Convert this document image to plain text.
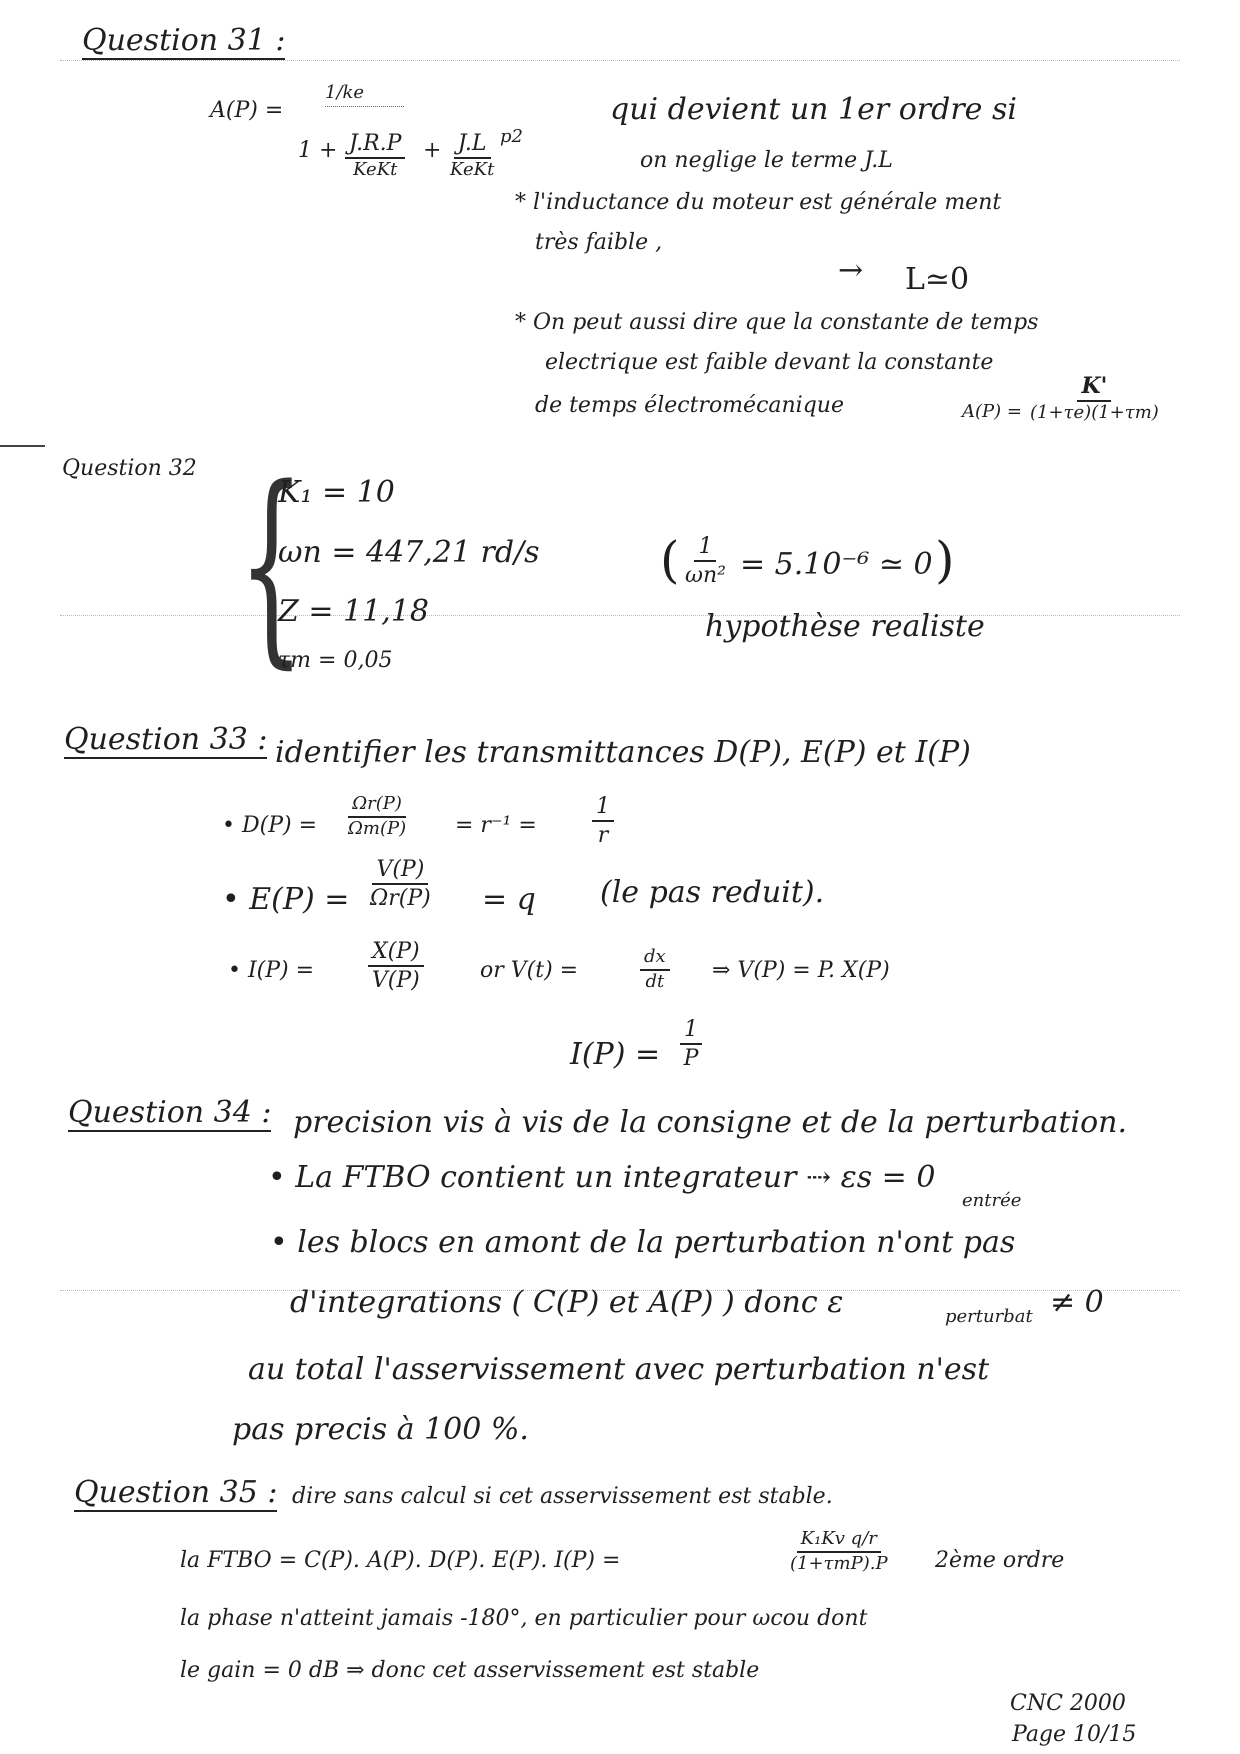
Question 31 :
A(P) =
1/ke
1 + J.R.P
KeKt
+ J.L
KeKt
p2
qui devient un 1er ordre si
on neglige le terme J.L
* l'inductance du moteur est générale ment
très faible ,
→ L≃0
* On peut aussi dire que la constante de temps
electrique est faible devant la constante
de temps électromécanique	A(P) =
K'
(1+τe)(1+τm)
Question 32 {
K₁ = 10
ωn = 447,21 rd/s
Z = 11,18
τm = 0,05
( $\frac{1}{\text{ωn²}} = 5.10^{-6}$ ≃ 0 )
hypothèse realiste
Question 33 : identifier les transmittances D(P), E(P) et I(P)
• $D(P) = \frac{\Omega r(P)}{\Omega m(P)} = r^{-1}$ =	$\frac{1}{r}$
• $E(P) = \frac{V(P)}{\Omega r(P)} = q$ (le pas reduit).
• $I(P) = \frac{X(P)}{V(P)}$	or V(t) =	$\frac{dx}{dt}$ ⇒ V(P) = P. X(P)
$I(P) = \frac{1}{P}$
Question 34 : precision vis à vis de la consigne et de la perturbation.
• La FTBO contient un integrateur ⇢ εs = 0
entrée
• les blocs en amont de la perturbation n'ont pas
d'integrations ( C(P) et A(P) ) donc ε	perturbat ≠ 0
au total l'asservissement avec perturbation n'est
pas precis à 100 %.
Question 35 : dire sans calcul si cet asservissement est stable.
la FTBO = C(P). A(P). D(P). E(P). I(P) =
K₁Kv q/r
(1+τmP).P 2ème ordre
la phase n'atteint jamais -180°, en particulier pour ωcou dont
le gain = 0 dB ⇒ donc cet asservissement est stable
CNC 2000
Page 10/15
